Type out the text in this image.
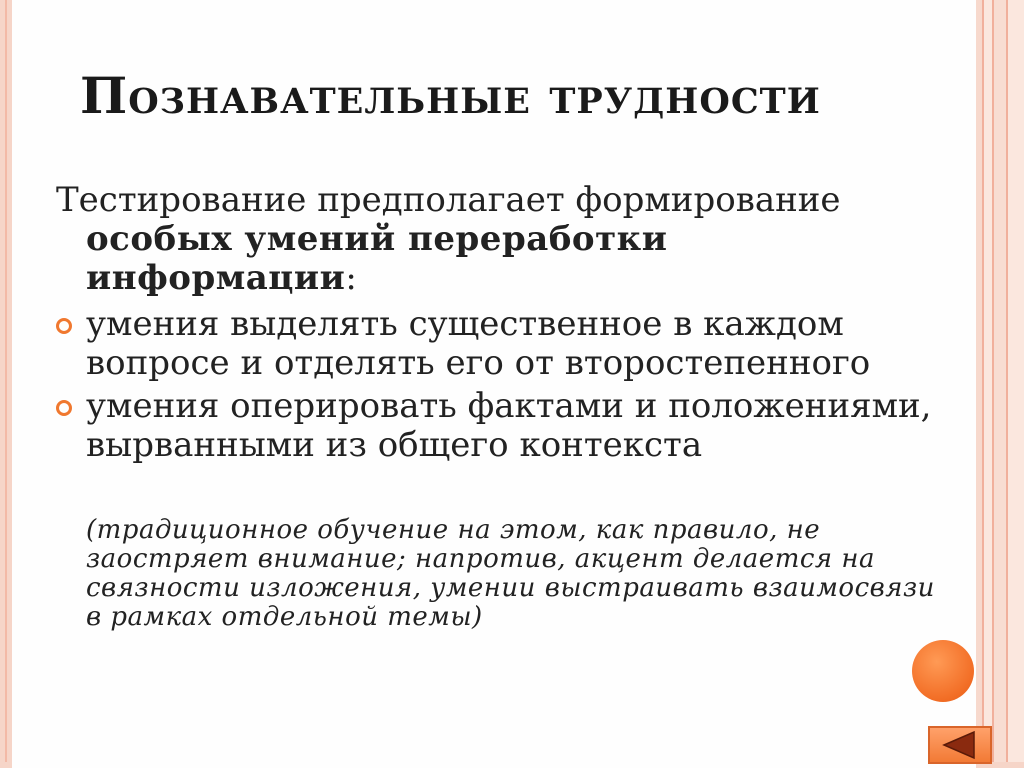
Познавательные трудности
Тестирование предполагает формирование
особых умений переработки информации:
умения выделять существенное в каждом вопросе и отделять его от второстепенного
умения оперировать фактами и положениями, вырванными из общего контекста
(традиционное обучение на этом, как правило, не заостряет внимание; напротив, акцент делается на связности изложения, умении выстраивать взаимосвязи в рамках отдельной темы)
